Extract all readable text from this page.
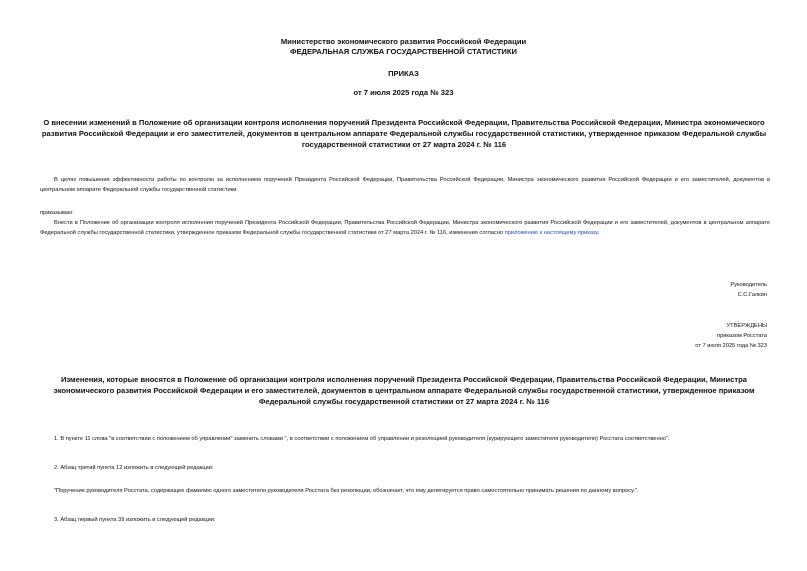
Министерство экономического развития Российской Федерации
ФЕДЕРАЛЬНАЯ СЛУЖБА ГОСУДАРСТВЕННОЙ СТАТИСТИКИ
ПРИКАЗ
от 7 июля 2025 года № 323
О внесении изменений в Положение об организации контроля исполнения поручений Президента Российской Федерации, Правительства Российской Федерации, Министра экономического развития Российской Федерации и его заместителей, документов в центральном аппарате Федеральной службы государственной статистики, утвержденное приказом Федеральной службы государственной статистики от 27 марта 2024 г. № 116
В целях повышения эффективности работы по контролю за исполнением поручений Президента Российской Федерации, Правительства Российской Федерации, Министра экономического развития Российской Федерации и его заместителей, документов в центральном аппарате Федеральной службы государственной статистики
приказываю:
Внести в Положение об организации контроля исполнения поручений Президента Российской Федерации, Правительства Российской Федерации, Министра экономического развития Российской Федерации и его заместителей, документов в центральном аппарате Федеральной службы государственной статистики, утвержденное приказом Федеральной службы государственной статистики от 27 марта 2024 г. № 116, изменения согласно приложению к настоящему приказу.
Руководитель
С.С.Галкин
УТВЕРЖДЕНЫ
приказом Росстата
от 7 июля 2025 года № 323
Изменения, которые вносятся в Положение об организации контроля исполнения поручений Президента Российской Федерации, Правительства Российской Федерации, Министра экономического развития Российской Федерации и его заместителей, документов в центральном аппарате Федеральной службы государственной статистики, утвержденное приказом Федеральной службы государственной статистики от 27 марта 2024 г. № 116
1. В пункте 11 слова "в соответствии с положением об управлении" заменить словами ", в соответствии с положением об управлении и резолюцией руководителя (курирующего заместителя руководителя) Росстата соответственно".
2. Абзац третий пункта 12 изложить в следующей редакции:
"Поручение руководителя Росстата, содержащее фамилию одного заместителя руководителя Росстата без резолюции, обозначает, что ему делегируется право самостоятельно принимать решения по данному вопросу.".
3. Абзац первый пункта 39 изложить в следующей редакции:
